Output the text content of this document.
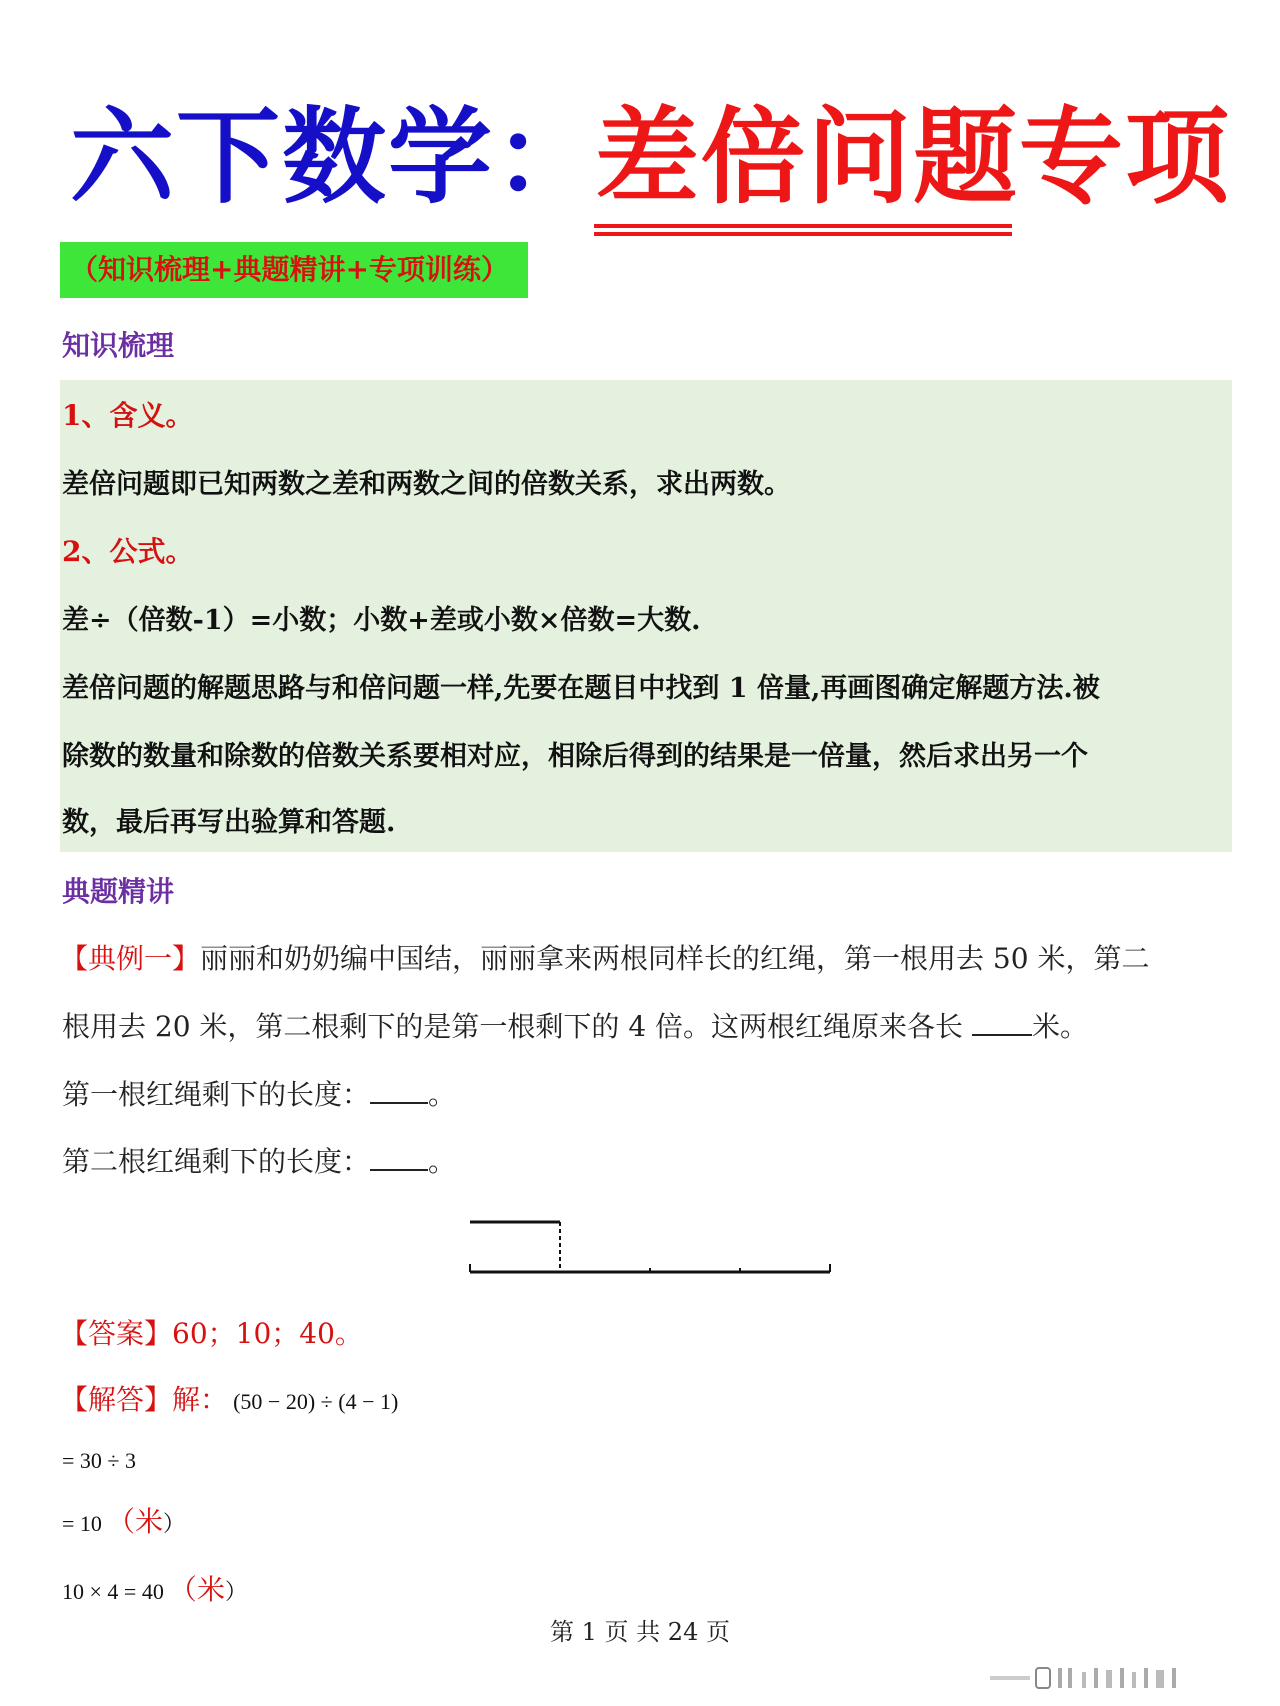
六下数学：
差倍问题专项
（知识梳理+典题精讲+专项训练）
知识梳理
1、含义。
差倍问题即已知两数之差和两数之间的倍数关系，求出两数。
2、公式。
差÷（倍数-1）=小数；小数+差或小数×倍数=大数.
差倍问题的解题思路与和倍问题一样,先要在题目中找到 1 倍量,再画图确定解题方法.被
除数的数量和除数的倍数关系要相对应，相除后得到的结果是一倍量，然后求出另一个
数，最后再写出验算和答题.
典题精讲
【典例一】丽丽和奶奶编中国结，丽丽拿来两根同样长的红绳，第一根用去 50 米，第二
根用去 20 米，第二根剩下的是第一根剩下的 4 倍。这两根红绳原来各长 米。
第一根红绳剩下的长度： 。
第二根红绳剩下的长度： 。
【答案】60；10；40。
【解答】解： (50 − 20) ÷ (4 − 1)
= 30 ÷ 3
= 10 （米）
10 × 4 = 40 （米）
第 1 页 共 24 页
